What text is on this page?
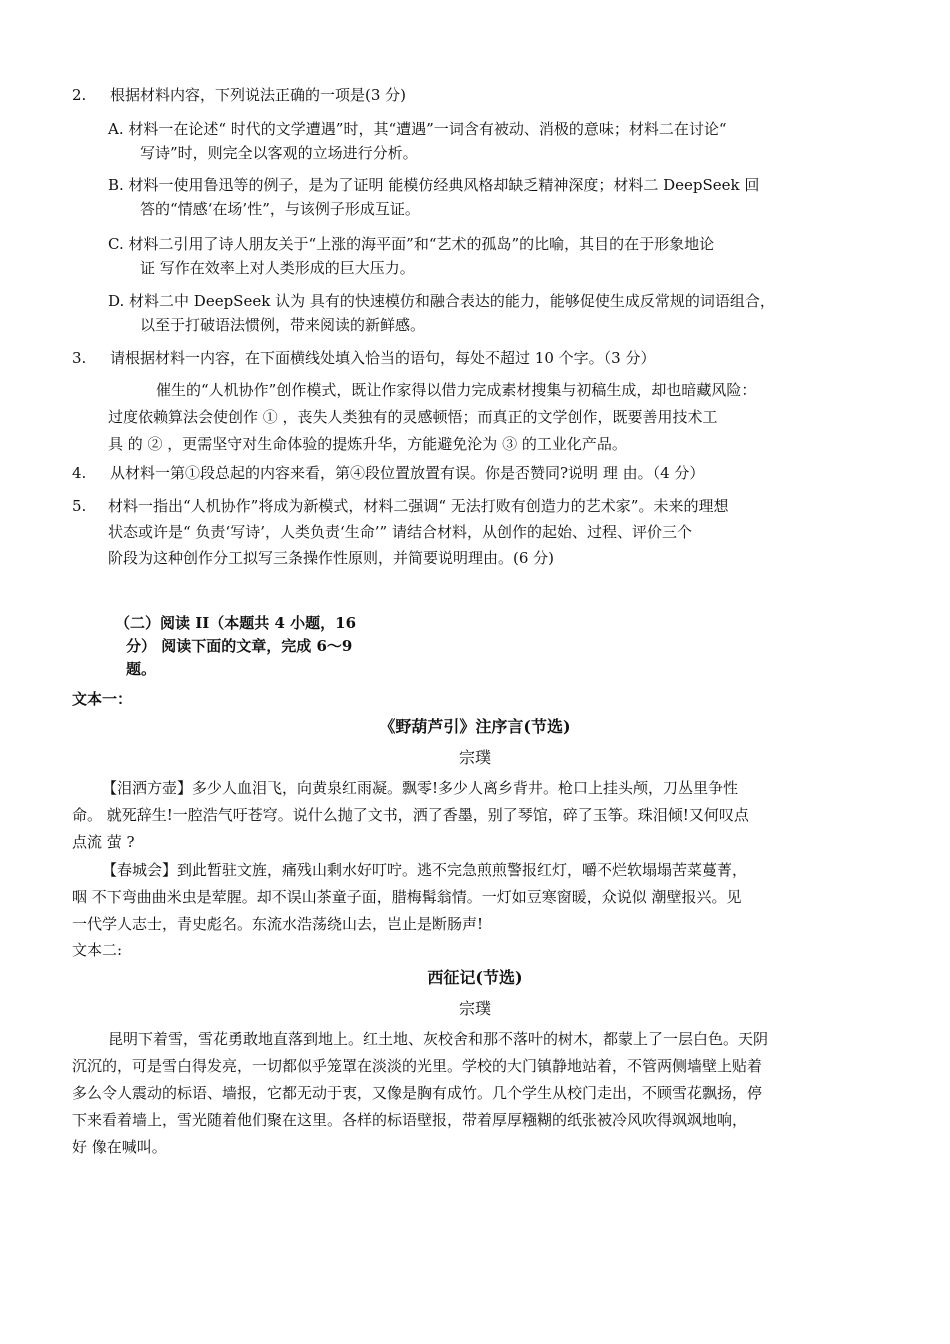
2. 根据材料内容，下列说法正确的一项是(3 分)
A. 材料一在论述“ 时代的文学遭遇”时，其“遭遇”一词含有被动、消极的意味；材料二在讨论“
写诗”时，则完全以客观的立场进行分析。
B. 材料一使用鲁迅等的例子，是为了证明 能模仿经典风格却缺乏精神深度；材料二 DeepSeek 回
答的“情感‘在场’性”，与该例子形成互证。
C. 材料二引用了诗人朋友关于“上涨的海平面”和“艺术的孤岛”的比喻，其目的在于形象地论
证 写作在效率上对人类形成的巨大压力。
D. 材料二中 DeepSeek 认为 具有的快速模仿和融合表达的能力，能够促使生成反常规的词语组合，
以至于打破语法惯例，带来阅读的新鲜感。
3. 请根据材料一内容，在下面横线处填入恰当的语句，每处不超过 10 个字。（3 分）
催生的“人机协作”创作模式，既让作家得以借力完成素材搜集与初稿生成，却也暗藏风险：
过度依赖算法会使创作 ① ，丧失人类独有的灵感顿悟；而真正的文学创作，既要善用技术工
具 的 ② ，更需坚守对生命体验的提炼升华，方能避免沦为 ③ 的工业化产品。
4. 从材料一第①段总起的内容来看，第④段位置放置有误。你是否赞同?说明 理 由。（4 分）
5. 材料一指出“人机协作”将成为新模式，材料二强调“ 无法打败有创造力的艺术家”。未来的理想
状态或许是“ 负责‘写诗’，人类负责‘生命’” 请结合材料，从创作的起始、过程、评价三个
阶段为这种创作分工拟写三条操作性原则，并简要说明理由。(6 分)
（二）阅读 II（本题共 4 小题，16
分） 阅读下面的文章，完成 6～9
题。
文本一：
《野葫芦引》注序言(节选)
宗璞
【泪洒方壶】多少人血泪飞，向黄泉红雨凝。飘零!多少人离乡背井。枪口上挂头颅，刀丛里争性
命。 就死辞生!一腔浩气吁苍穹。说什么抛了文书，洒了香墨，别了琴馆，碎了玉筝。珠泪倾!又何叹点
点流 萤 ?
【春城会】到此暂驻文旌，痛残山剩水好叮咛。逃不完急煎煎警报红灯，嚼不烂软塌塌苦菜蔓菁，
咽 不下弯曲曲米虫是荤腥。却不误山茶童子面，腊梅髯翁情。一灯如豆寒窗暖，众说似 潮壁报兴。见
一代学人志士，青史彪名。东流水浩荡绕山去，岂止是断肠声!
文本二:
西征记(节选)
宗璞
昆明下着雪，雪花勇敢地直落到地上。红土地、灰校舍和那不落叶的树木，都蒙上了一层白色。天阴
沉沉的，可是雪白得发亮，一切都似乎笼罩在淡淡的光里。学校的大门镇静地站着，不管两侧墙壁上贴着
多么令人震动的标语、墙报，它都无动于衷，又像是胸有成竹。几个学生从校门走出，不顾雪花飘扬，停
下来看着墙上，雪光随着他们聚在这里。各样的标语壁报，带着厚厚糨糊的纸张被冷风吹得飒飒地响，
好 像在喊叫。
